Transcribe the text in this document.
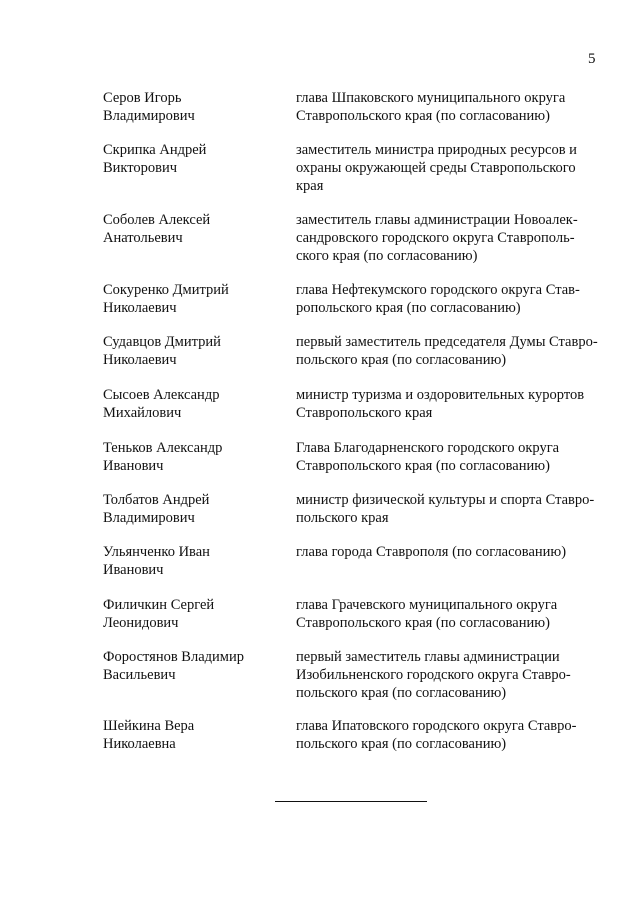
5
Серов Игорь
Владимирович
глава Шпаковского муниципального округа
Ставропольского края (по согласованию)
Скрипка Андрей
Викторович
заместитель министра природных ресурсов и
охраны окружающей среды Ставропольского
края
Соболев Алексей
Анатольевич
заместитель главы администрации Новоалек-
сандровского городского округа Ставрополь-
ского края (по согласованию)
Сокуренко Дмитрий
Николаевич
глава Нефтекумского городского округа Став-
ропольского края (по согласованию)
Судавцов Дмитрий
Николаевич
первый заместитель председателя Думы Ставро-
польского края (по согласованию)
Сысоев Александр
Михайлович
министр туризма и оздоровительных курортов
Ставропольского края
Теньков Александр
Иванович
Глава Благодарненского городского округа
Ставропольского края (по согласованию)
Толбатов Андрей
Владимирович
министр физической культуры и спорта Ставро-
польского края
Ульянченко Иван
Иванович
глава города Ставрополя (по согласованию)
Филичкин Сергей
Леонидович
глава Грачевского муниципального округа
Ставропольского края (по согласованию)
Форостянов Владимир
Васильевич
первый заместитель главы администрации
Изобильненского городского округа Ставро-
польского края (по согласованию)
Шейкина Вера
Николаевна
глава Ипатовского городского округа Ставро-
польского края (по согласованию)
